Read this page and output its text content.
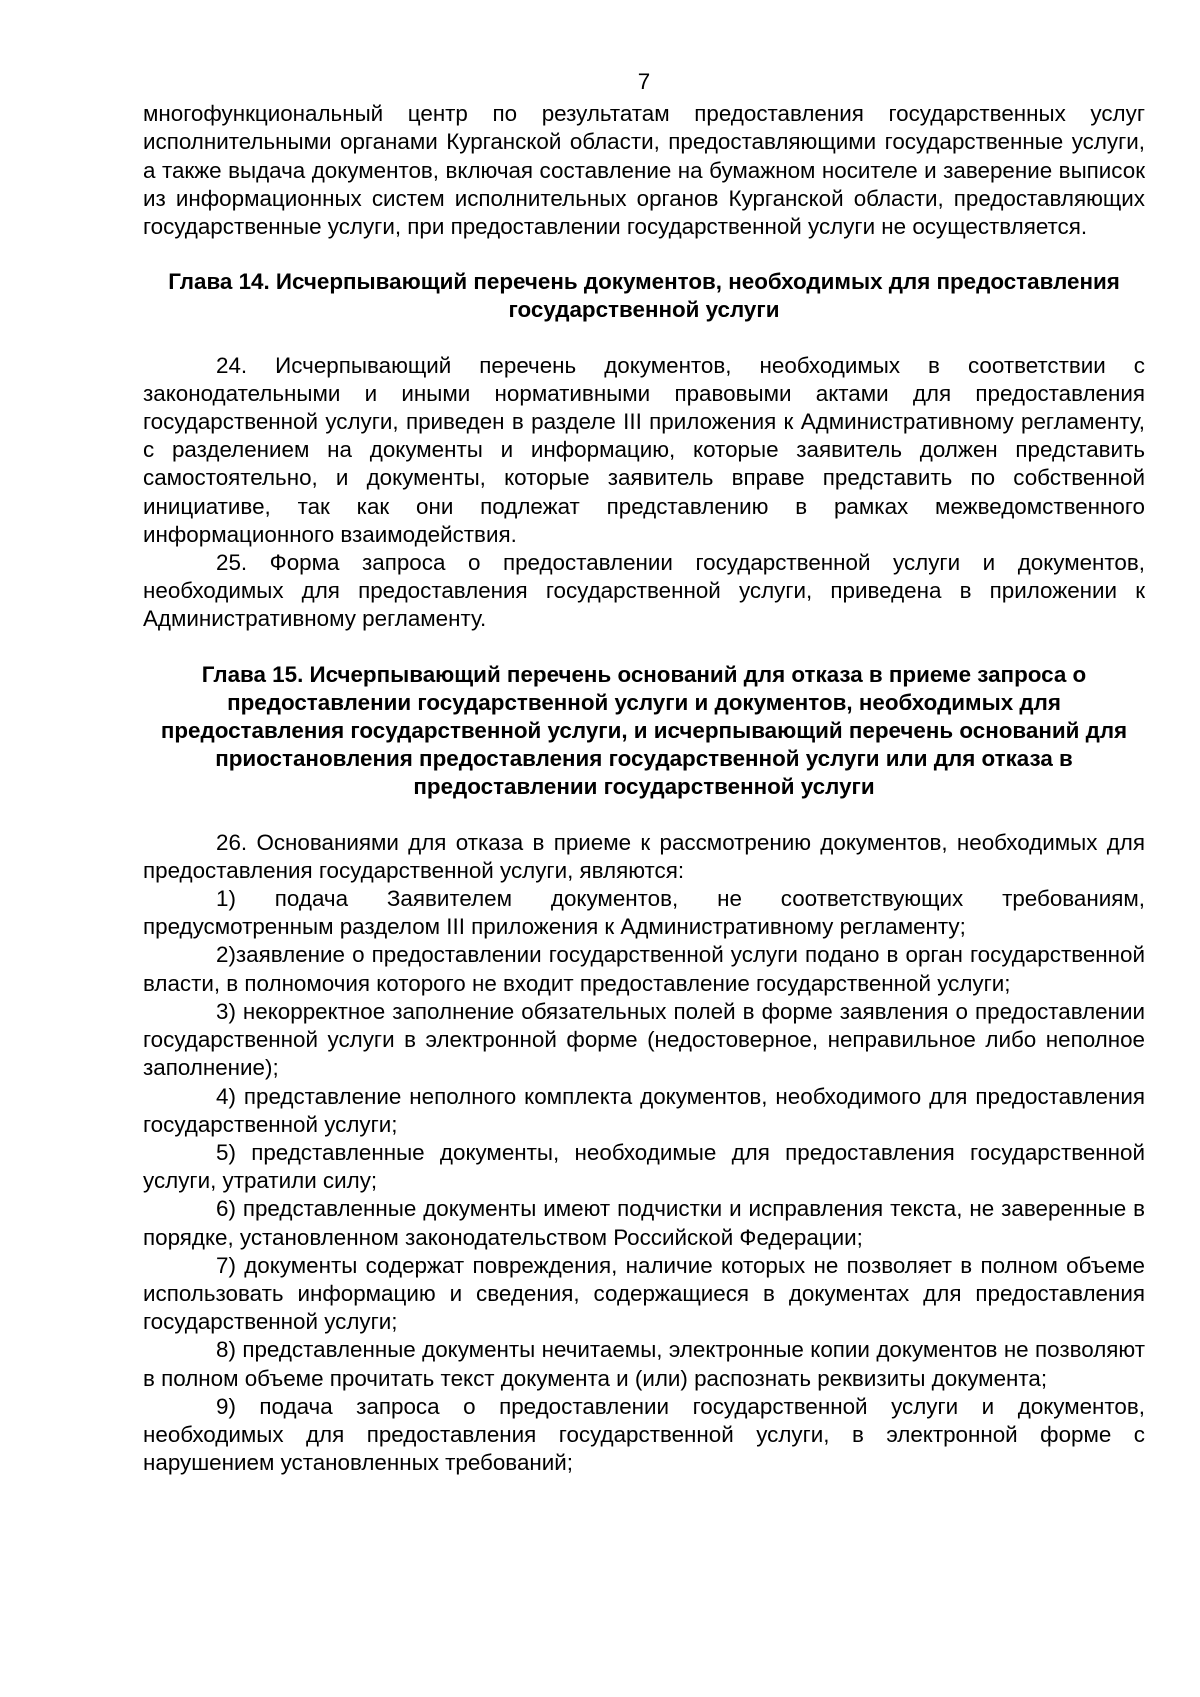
7

многофункциональный центр по результатам предоставления государственных услуг исполнительными органами Курганской области, предоставляющими государственные услуги, а также выдача документов, включая составление на бумажном носителе и заверение выписок из информационных систем исполнительных органов Курганской области, предоставляющих государственные услуги, при предоставлении государственной услуги не осуществляется.

Глава 14. Исчерпывающий перечень документов, необходимых для предоставления государственной услуги

24. Исчерпывающий перечень документов, необходимых в соответствии с законодательными и иными нормативными правовыми актами для предоставления государственной услуги, приведен в разделе III приложения к Административному регламенту, с разделением на документы и информацию, которые заявитель должен представить самостоятельно, и документы, которые заявитель вправе представить по собственной инициативе, так как они подлежат представлению в рамках межведомственного информационного взаимодействия.

25. Форма запроса о предоставлении государственной услуги и документов, необходимых для предоставления государственной услуги, приведена в приложении к Административному регламенту.

Глава 15. Исчерпывающий перечень оснований для отказа в приеме запроса о предоставлении государственной услуги и документов, необходимых для предоставления государственной услуги, и исчерпывающий перечень оснований для приостановления предоставления государственной услуги или для отказа в предоставлении государственной услуги

26. Основаниями для отказа в приеме к рассмотрению документов, необходимых для предоставления государственной услуги, являются:

1) подача Заявителем документов, не соответствующих требованиям, предусмотренным разделом III приложения к Административному регламенту;

2)заявление о предоставлении государственной услуги подано в орган государственной власти, в полномочия которого не входит предоставление государственной услуги;

3) некорректное заполнение обязательных полей в форме заявления о предоставлении государственной услуги в электронной форме (недостоверное, неправильное либо неполное заполнение);

4) представление неполного комплекта документов, необходимого для предоставления государственной услуги;

5) представленные документы, необходимые для предоставления государственной услуги, утратили силу;

6) представленные документы имеют подчистки и исправления текста, не заверенные в порядке, установленном законодательством Российской Федерации;

7) документы содержат повреждения, наличие которых не позволяет в полном объеме использовать информацию и сведения, содержащиеся в документах для предоставления государственной услуги;

8) представленные документы нечитаемы, электронные копии документов не позволяют в полном объеме прочитать текст документа и (или) распознать реквизиты документа;

9) подача запроса о предоставлении государственной услуги и документов, необходимых для предоставления государственной услуги, в электронной форме с нарушением установленных требований;
